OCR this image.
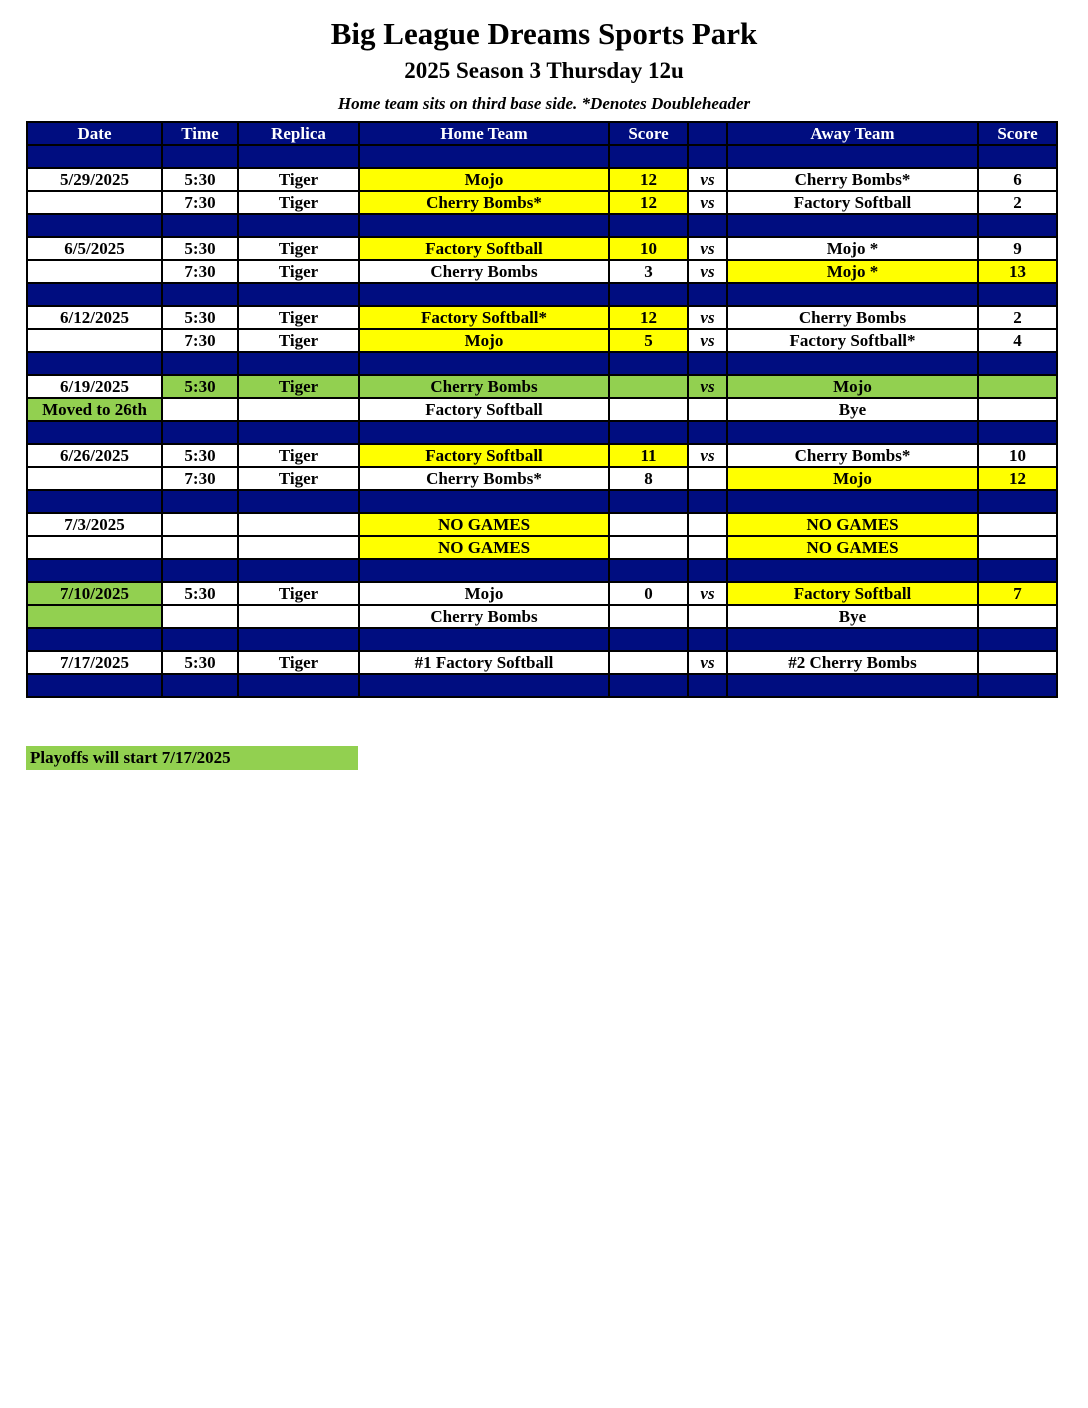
Big League Dreams Sports Park
2025 Season 3 Thursday 12u
Home team sits on third base side. *Denotes Doubleheader
Date	Time	Replica	Home Team	Score		Away Team	Score

5/29/2025	5:30	Tiger	Mojo	12	vs	Cherry Bombs*	6
	7:30	Tiger	Cherry Bombs*	12	vs	Factory Softball	2

6/5/2025	5:30	Tiger	Factory Softball	10	vs	Mojo *	9
	7:30	Tiger	Cherry Bombs	3	vs	Mojo *	13

6/12/2025	5:30	Tiger	Factory Softball*	12	vs	Cherry Bombs	2
	7:30	Tiger	Mojo	5	vs	Factory Softball*	4

6/19/2025	5:30	Tiger	Cherry Bombs		vs	Mojo	
Moved to 26th			Factory Softball			Bye	

6/26/2025	5:30	Tiger	Factory Softball	11	vs	Cherry Bombs*	10
	7:30	Tiger	Cherry Bombs*	8		Mojo	12

7/3/2025			NO GAMES			NO GAMES	
			NO GAMES			NO GAMES	

7/10/2025	5:30	Tiger	Mojo	0	vs	Factory Softball	7
			Cherry Bombs			Bye	

7/17/2025	5:30	Tiger	#1 Factory Softball		vs	#2 Cherry Bombs	

Playoffs will start 7/17/2025
